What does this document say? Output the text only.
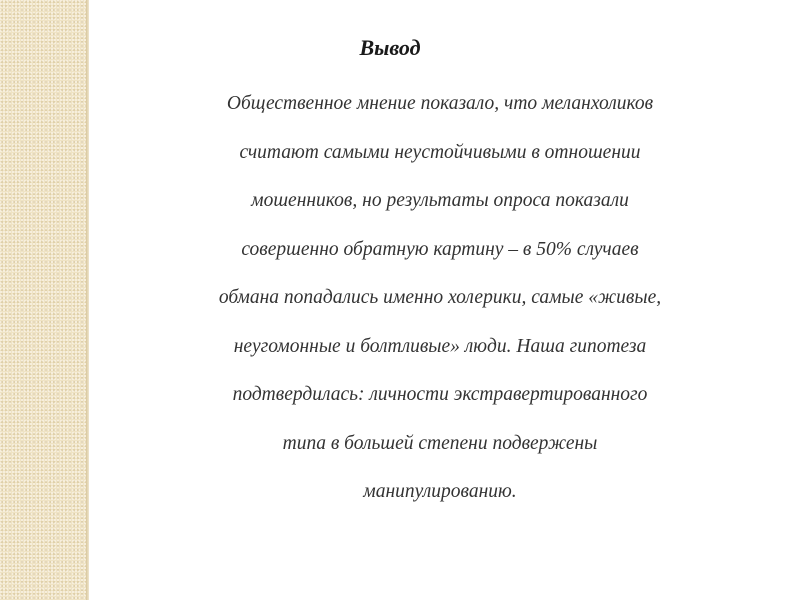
Вывод
Общественное мнение показало, что меланхоликов
считают самыми неустойчивыми в отношении
мошенников, но результаты опроса показали
совершенно обратную картину – в 50% случаев
обмана попадались именно холерики, самые «живые,
неугомонные и болтливые» люди. Наша гипотеза
подтвердилась: личности экстравертированного
типа в большей степени подвержены
манипулированию.
